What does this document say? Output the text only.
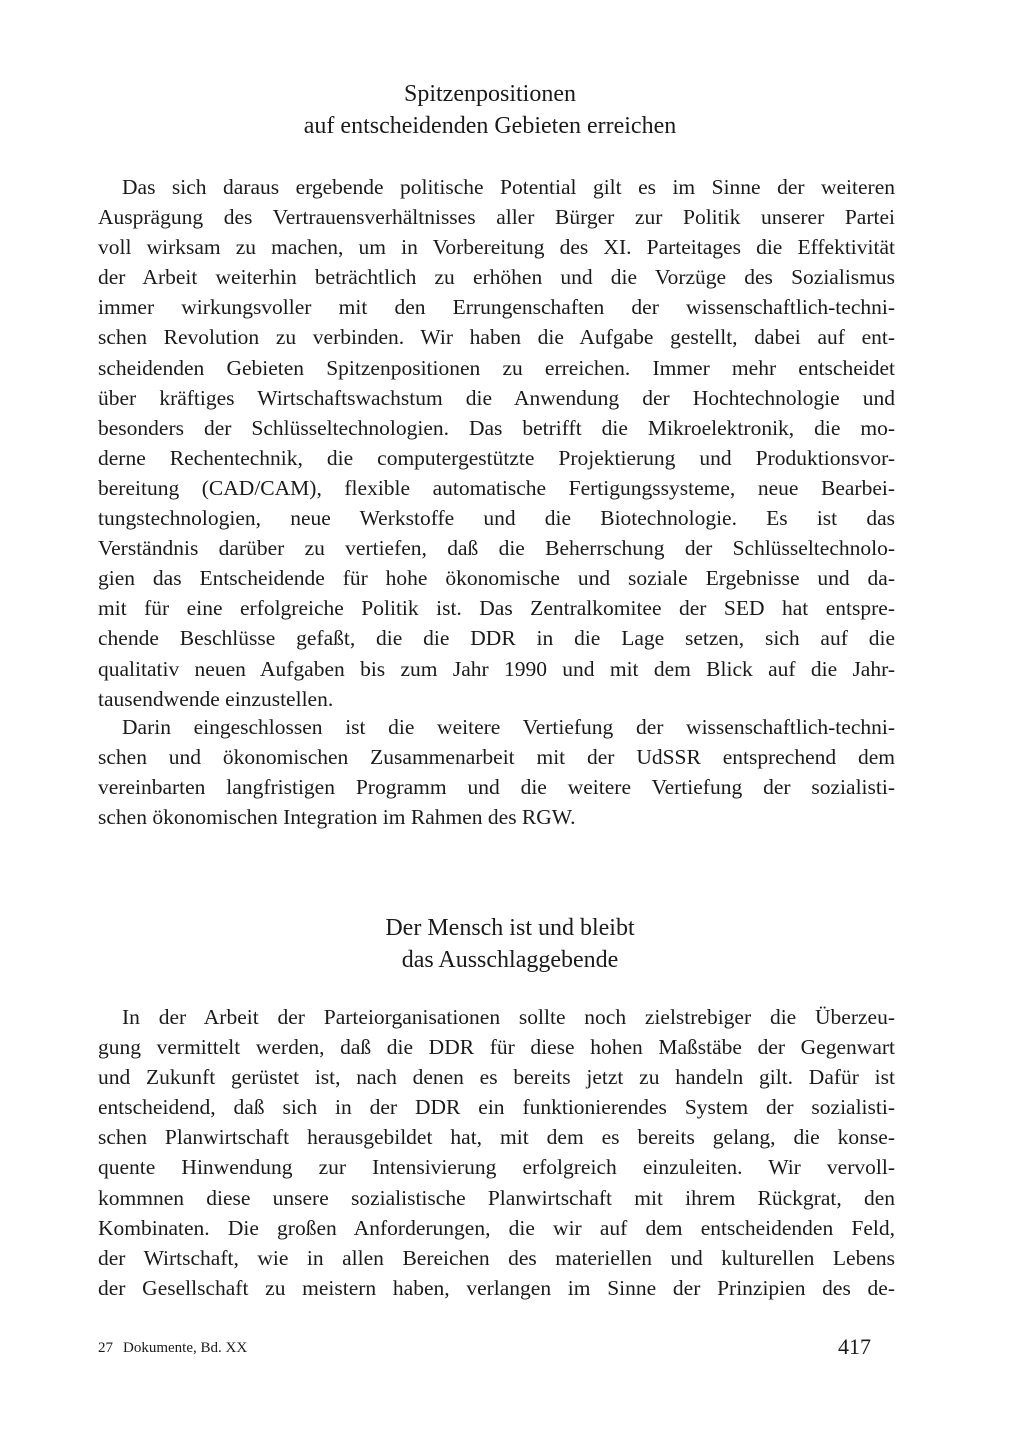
Spitzenpositionen
auf entscheidenden Gebieten erreichen
Das sich daraus ergebende politische Potential gilt es im Sinne der weiteren
Ausprägung des Vertrauensverhältnisses aller Bürger zur Politik unserer Partei
voll wirksam zu machen, um in Vorbereitung des XI. Parteitages die Effektivität
der Arbeit weiterhin beträchtlich zu erhöhen und die Vorzüge des Sozialismus
immer wirkungsvoller mit den Errungenschaften der wissenschaftlich-techni-
schen Revolution zu verbinden. Wir haben die Aufgabe gestellt, dabei auf ent-
scheidenden Gebieten Spitzenpositionen zu erreichen. Immer mehr entscheidet
über kräftiges Wirtschaftswachstum die Anwendung der Hochtechnologie und
besonders der Schlüsseltechnologien. Das betrifft die Mikroelektronik, die mo-
derne Rechentechnik, die computergestützte Projektierung und Produktionsvor-
bereitung (CAD/CAM), flexible automatische Fertigungssysteme, neue Bearbei-
tungstechnologien, neue Werkstoffe und die Biotechnologie. Es ist das
Verständnis darüber zu vertiefen, daß die Beherrschung der Schlüsseltechnolo-
gien das Entscheidende für hohe ökonomische und soziale Ergebnisse und da-
mit für eine erfolgreiche Politik ist. Das Zentralkomitee der SED hat entspre-
chende Beschlüsse gefaßt, die die DDR in die Lage setzen, sich auf die
qualitativ neuen Aufgaben bis zum Jahr 1990 und mit dem Blick auf die Jahr-
tausendwende einzustellen.
Darin eingeschlossen ist die weitere Vertiefung der wissenschaftlich-techni-
schen und ökonomischen Zusammenarbeit mit der UdSSR entsprechend dem
vereinbarten langfristigen Programm und die weitere Vertiefung der sozialisti-
schen ökonomischen Integration im Rahmen des RGW.
Der Mensch ist und bleibt
das Ausschlaggebende
In der Arbeit der Parteiorganisationen sollte noch zielstrebiger die Überzeu-
gung vermittelt werden, daß die DDR für diese hohen Maßstäbe der Gegenwart
und Zukunft gerüstet ist, nach denen es bereits jetzt zu handeln gilt. Dafür ist
entscheidend, daß sich in der DDR ein funktionierendes System der sozialisti-
schen Planwirtschaft herausgebildet hat, mit dem es bereits gelang, die konse-
quente Hinwendung zur Intensivierung erfolgreich einzuleiten. Wir vervoll-
kommnen diese unsere sozialistische Planwirtschaft mit ihrem Rückgrat, den
Kombinaten. Die großen Anforderungen, die wir auf dem entscheidenden Feld,
der Wirtschaft, wie in allen Bereichen des materiellen und kulturellen Lebens
der Gesellschaft zu meistern haben, verlangen im Sinne der Prinzipien des de-
27 Dokumente, Bd. XX	417
